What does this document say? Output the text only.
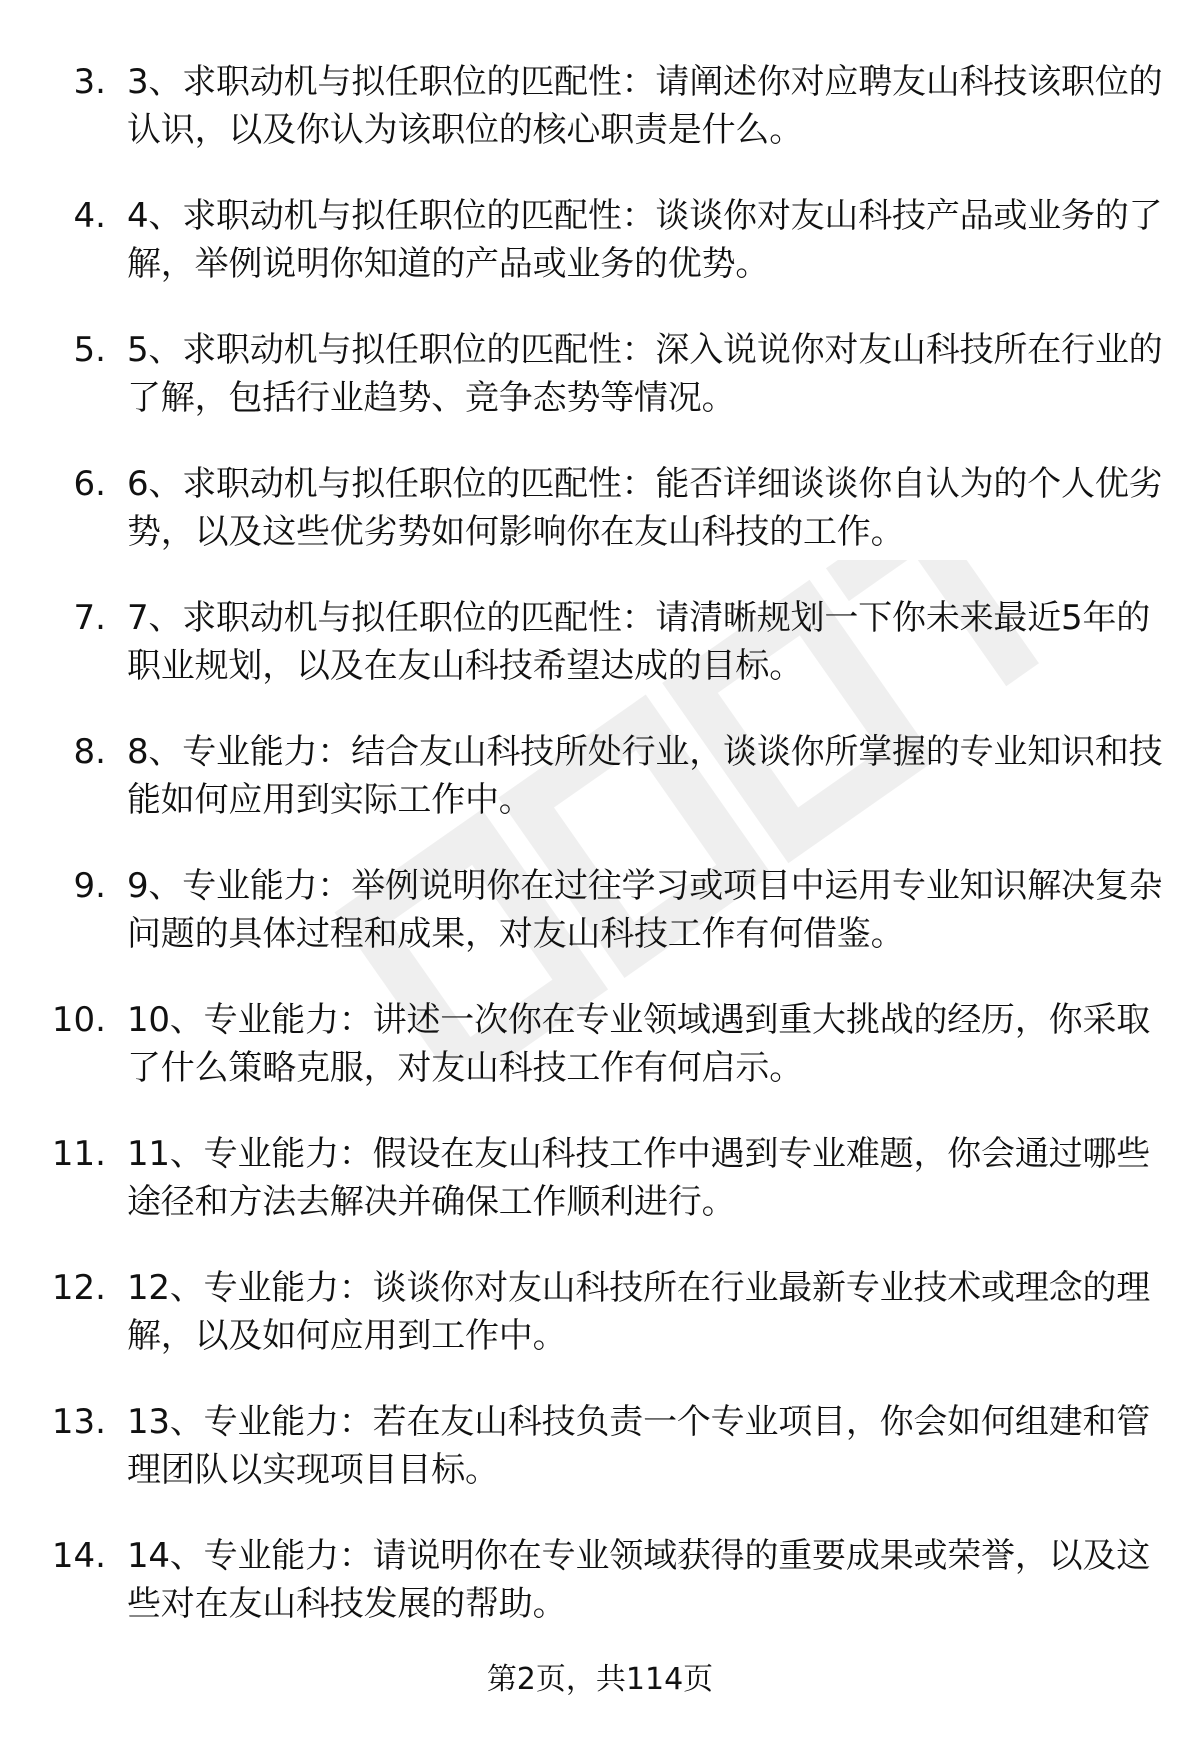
3. 3、求职动机与拟任职位的匹配性：请阐述你对应聘友山科技该职位的认识，以及你认为该职位的核心职责是什么。
4. 4、求职动机与拟任职位的匹配性：谈谈你对友山科技产品或业务的了解，举例说明你知道的产品或业务的优势。
5. 5、求职动机与拟任职位的匹配性：深入说说你对友山科技所在行业的了解，包括行业趋势、竞争态势等情况。
6. 6、求职动机与拟任职位的匹配性：能否详细谈谈你自认为的个人优劣势，以及这些优劣势如何影响你在友山科技的工作。
7. 7、求职动机与拟任职位的匹配性：请清晰规划一下你未来最近5年的职业规划，以及在友山科技希望达成的目标。
8. 8、专业能力：结合友山科技所处行业，谈谈你所掌握的专业知识和技能如何应用到实际工作中。
9. 9、专业能力：举例说明你在过往学习或项目中运用专业知识解决复杂问题的具体过程和成果，对友山科技工作有何借鉴。
10. 10、专业能力：讲述一次你在专业领域遇到重大挑战的经历，你采取了什么策略克服，对友山科技工作有何启示。
11. 11、专业能力：假设在友山科技工作中遇到专业难题，你会通过哪些途径和方法去解决并确保工作顺利进行。
12. 12、专业能力：谈谈你对友山科技所在行业最新专业技术或理念的理解，以及如何应用到工作中。
13. 13、专业能力：若在友山科技负责一个专业项目，你会如何组建和管理团队以实现项目目标。
14. 14、专业能力：请说明你在专业领域获得的重要成果或荣誉，以及这些对在友山科技发展的帮助。
第2页，共114页
